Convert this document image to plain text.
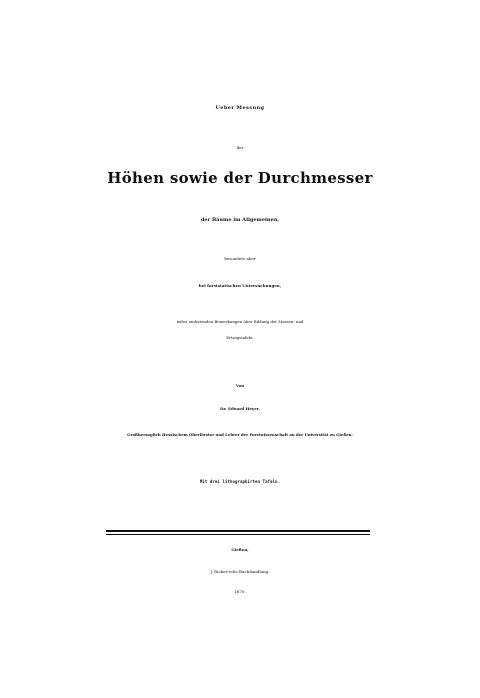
Ueber Messung
der
Höhen sowie der Durchmesser
der Bäume im Allgemeinen,
besonders aber
bei forststatischen Untersuchungen,
nebst einleitenden Bemerkungen über Bildung der Massen- und
Ertragstafeln.
Von
Dr. Eduard Heyer,
Großherzoglich Hessischem Oberförster und Lehrer der Forstwissenschaft an der Universität zu Gießen.
Mit drei lithographirten Tafeln.
Gießen,
J. Ricker'sche Buchhandlung.
1870.
